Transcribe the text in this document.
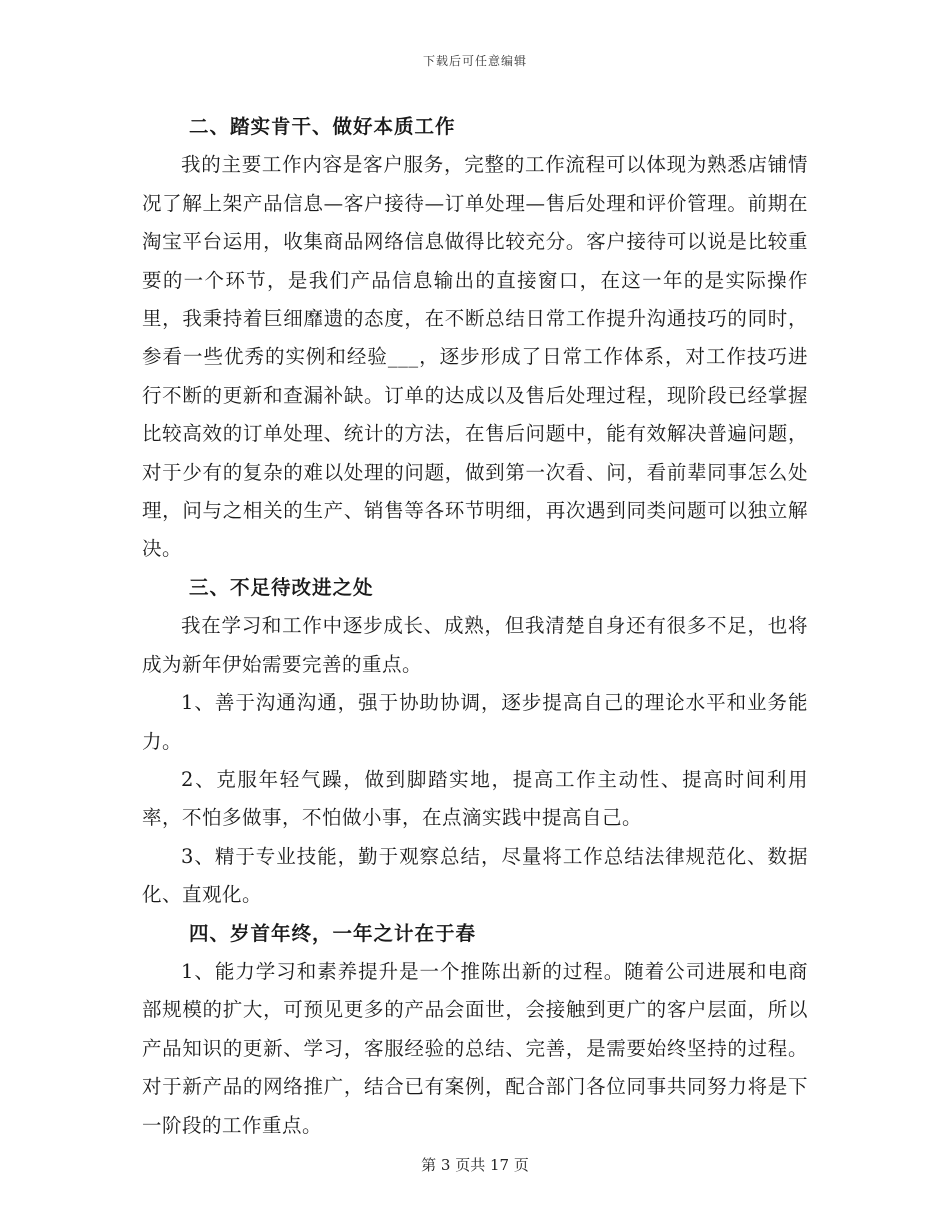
下载后可任意编辑

二、踏实肯干、做好本质工作

我的主要工作内容是客户服务，完整的工作流程可以体现为熟悉店铺情况了解上架产品信息—客户接待—订单处理—售后处理和评价管理。前期在淘宝平台运用，收集商品网络信息做得比较充分。客户接待可以说是比较重要的一个环节，是我们产品信息输出的直接窗口，在这一年的是实际操作里，我秉持着巨细靡遗的态度，在不断总结日常工作提升沟通技巧的同时，参看一些优秀的实例和经验___，逐步形成了日常工作体系，对工作技巧进行不断的更新和查漏补缺。订单的达成以及售后处理过程，现阶段已经掌握比较高效的订单处理、统计的方法，在售后问题中，能有效解决普遍问题，对于少有的复杂的难以处理的问题，做到第一次看、问，看前辈同事怎么处理，问与之相关的生产、销售等各环节明细，再次遇到同类问题可以独立解决。

三、不足待改进之处

我在学习和工作中逐步成长、成熟，但我清楚自身还有很多不足，也将成为新年伊始需要完善的重点。

1、善于沟通沟通，强于协助协调，逐步提高自己的理论水平和业务能力。

2、克服年轻气躁，做到脚踏实地，提高工作主动性、提高时间利用率，不怕多做事，不怕做小事，在点滴实践中提高自己。

3、精于专业技能，勤于观察总结，尽量将工作总结法律规范化、数据化、直观化。

四、岁首年终，一年之计在于春

1、能力学习和素养提升是一个推陈出新的过程。随着公司进展和电商部规模的扩大，可预见更多的产品会面世，会接触到更广的客户层面，所以产品知识的更新、学习，客服经验的总结、完善，是需要始终坚持的过程。对于新产品的网络推广，结合已有案例，配合部门各位同事共同努力将是下一阶段的工作重点。

第 3 页共 17 页
